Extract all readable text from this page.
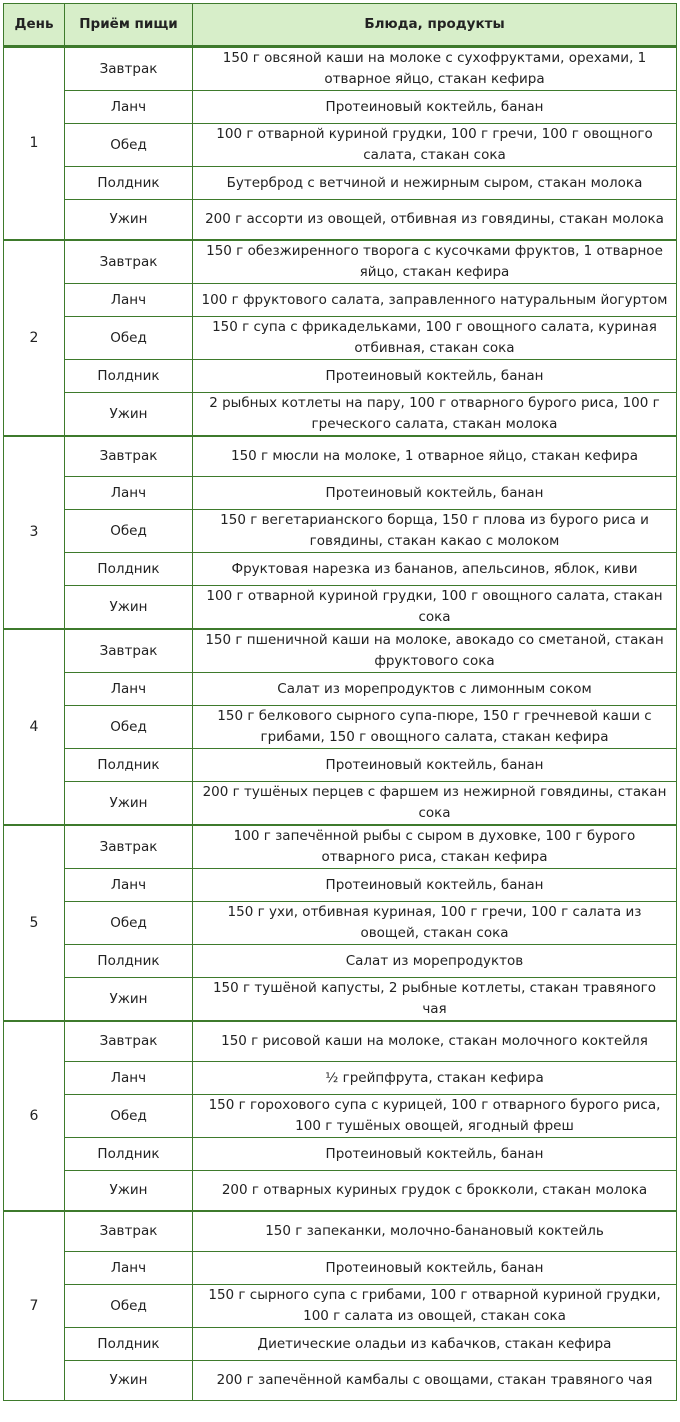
День	Приём пищи	Блюда, продукты
1	Завтрак	150 г овсяной каши на молоке с сухофруктами, орехами, 1 отварное яйцо, стакан кефира
	Ланч	Протеиновый коктейль, банан
	Обед	100 г отварной куриной грудки, 100 г гречи, 100 г овощного салата, стакан сока
	Полдник	Бутерброд с ветчиной и нежирным сыром, стакан молока
	Ужин	200 г ассорти из овощей, отбивная из говядины, стакан молока
2	Завтрак	150 г обезжиренного творога с кусочками фруктов, 1 отварное яйцо, стакан кефира
	Ланч	100 г фруктового салата, заправленного натуральным йогуртом
	Обед	150 г супа с фрикадельками, 100 г овощного салата, куриная отбивная, стакан сока
	Полдник	Протеиновый коктейль, банан
	Ужин	2 рыбных котлеты на пару, 100 г отварного бурого риса, 100 г греческого салата, стакан молока
3	Завтрак	150 г мюсли на молоке, 1 отварное яйцо, стакан кефира
	Ланч	Протеиновый коктейль, банан
	Обед	150 г вегетарианского борща, 150 г плова из бурого риса и говядины, стакан какао с молоком
	Полдник	Фруктовая нарезка из бананов, апельсинов, яблок, киви
	Ужин	100 г отварной куриной грудки, 100 г овощного салата, стакан сока
4	Завтрак	150 г пшеничной каши на молоке, авокадо со сметаной, стакан фруктового сока
	Ланч	Салат из морепродуктов с лимонным соком
	Обед	150 г белкового сырного супа-пюре, 150 г гречневой каши с грибами, 150 г овощного салата, стакан кефира
	Полдник	Протеиновый коктейль, банан
	Ужин	200 г тушёных перцев с фаршем из нежирной говядины, стакан сока
5	Завтрак	100 г запечённой рыбы с сыром в духовке, 100 г бурого отварного риса, стакан кефира
	Ланч	Протеиновый коктейль, банан
	Обед	150 г ухи, отбивная куриная, 100 г гречи, 100 г салата из овощей, стакан сока
	Полдник	Салат из морепродуктов
	Ужин	150 г тушёной капусты, 2 рыбные котлеты, стакан травяного чая
6	Завтрак	150 г рисовой каши на молоке, стакан молочного коктейля
	Ланч	½ грейпфрута, стакан кефира
	Обед	150 г горохового супа с курицей, 100 г отварного бурого риса, 100 г тушёных овощей, ягодный фреш
	Полдник	Протеиновый коктейль, банан
	Ужин	200 г отварных куриных грудок с брокколи, стакан молока
7	Завтрак	150 г запеканки, молочно-банановый коктейль
	Ланч	Протеиновый коктейль, банан
	Обед	150 г сырного супа с грибами, 100 г отварной куриной грудки, 100 г салата из овощей, стакан сока
	Полдник	Диетические оладьи из кабачков, стакан кефира
	Ужин	200 г запечённой камбалы с овощами, стакан травяного чая
